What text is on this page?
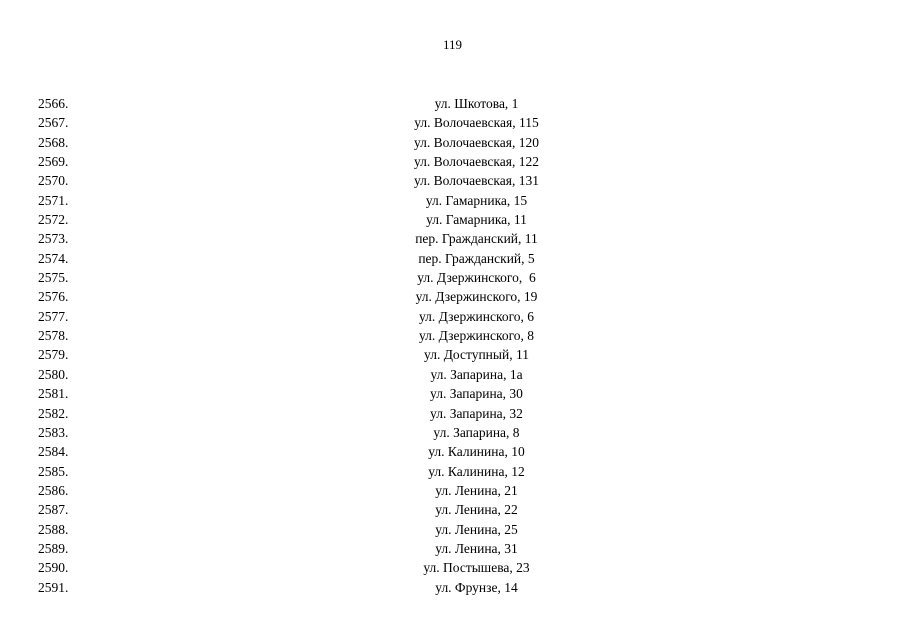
119
2566.	ул. Шкотова, 1
2567.	ул. Волочаевская, 115
2568.	ул. Волочаевская, 120
2569.	ул. Волочаевская, 122
2570.	ул. Волочаевская, 131
2571.	ул. Гамарника, 15
2572.	ул. Гамарника, 11
2573.	пер. Гражданский, 11
2574.	пер. Гражданский, 5
2575.	ул. Дзержинского,  6
2576.	ул. Дзержинского, 19
2577.	ул. Дзержинского, 6
2578.	ул. Дзержинского, 8
2579.	ул. Доступный, 11
2580.	ул. Запарина, 1а
2581.	ул. Запарина, 30
2582.	ул. Запарина, 32
2583.	ул. Запарина, 8
2584.	ул. Калинина, 10
2585.	ул. Калинина, 12
2586.	ул. Ленина, 21
2587.	ул. Ленина, 22
2588.	ул. Ленина, 25
2589.	ул. Ленина, 31
2590.	ул. Постышева, 23
2591.	ул. Фрунзе, 14
